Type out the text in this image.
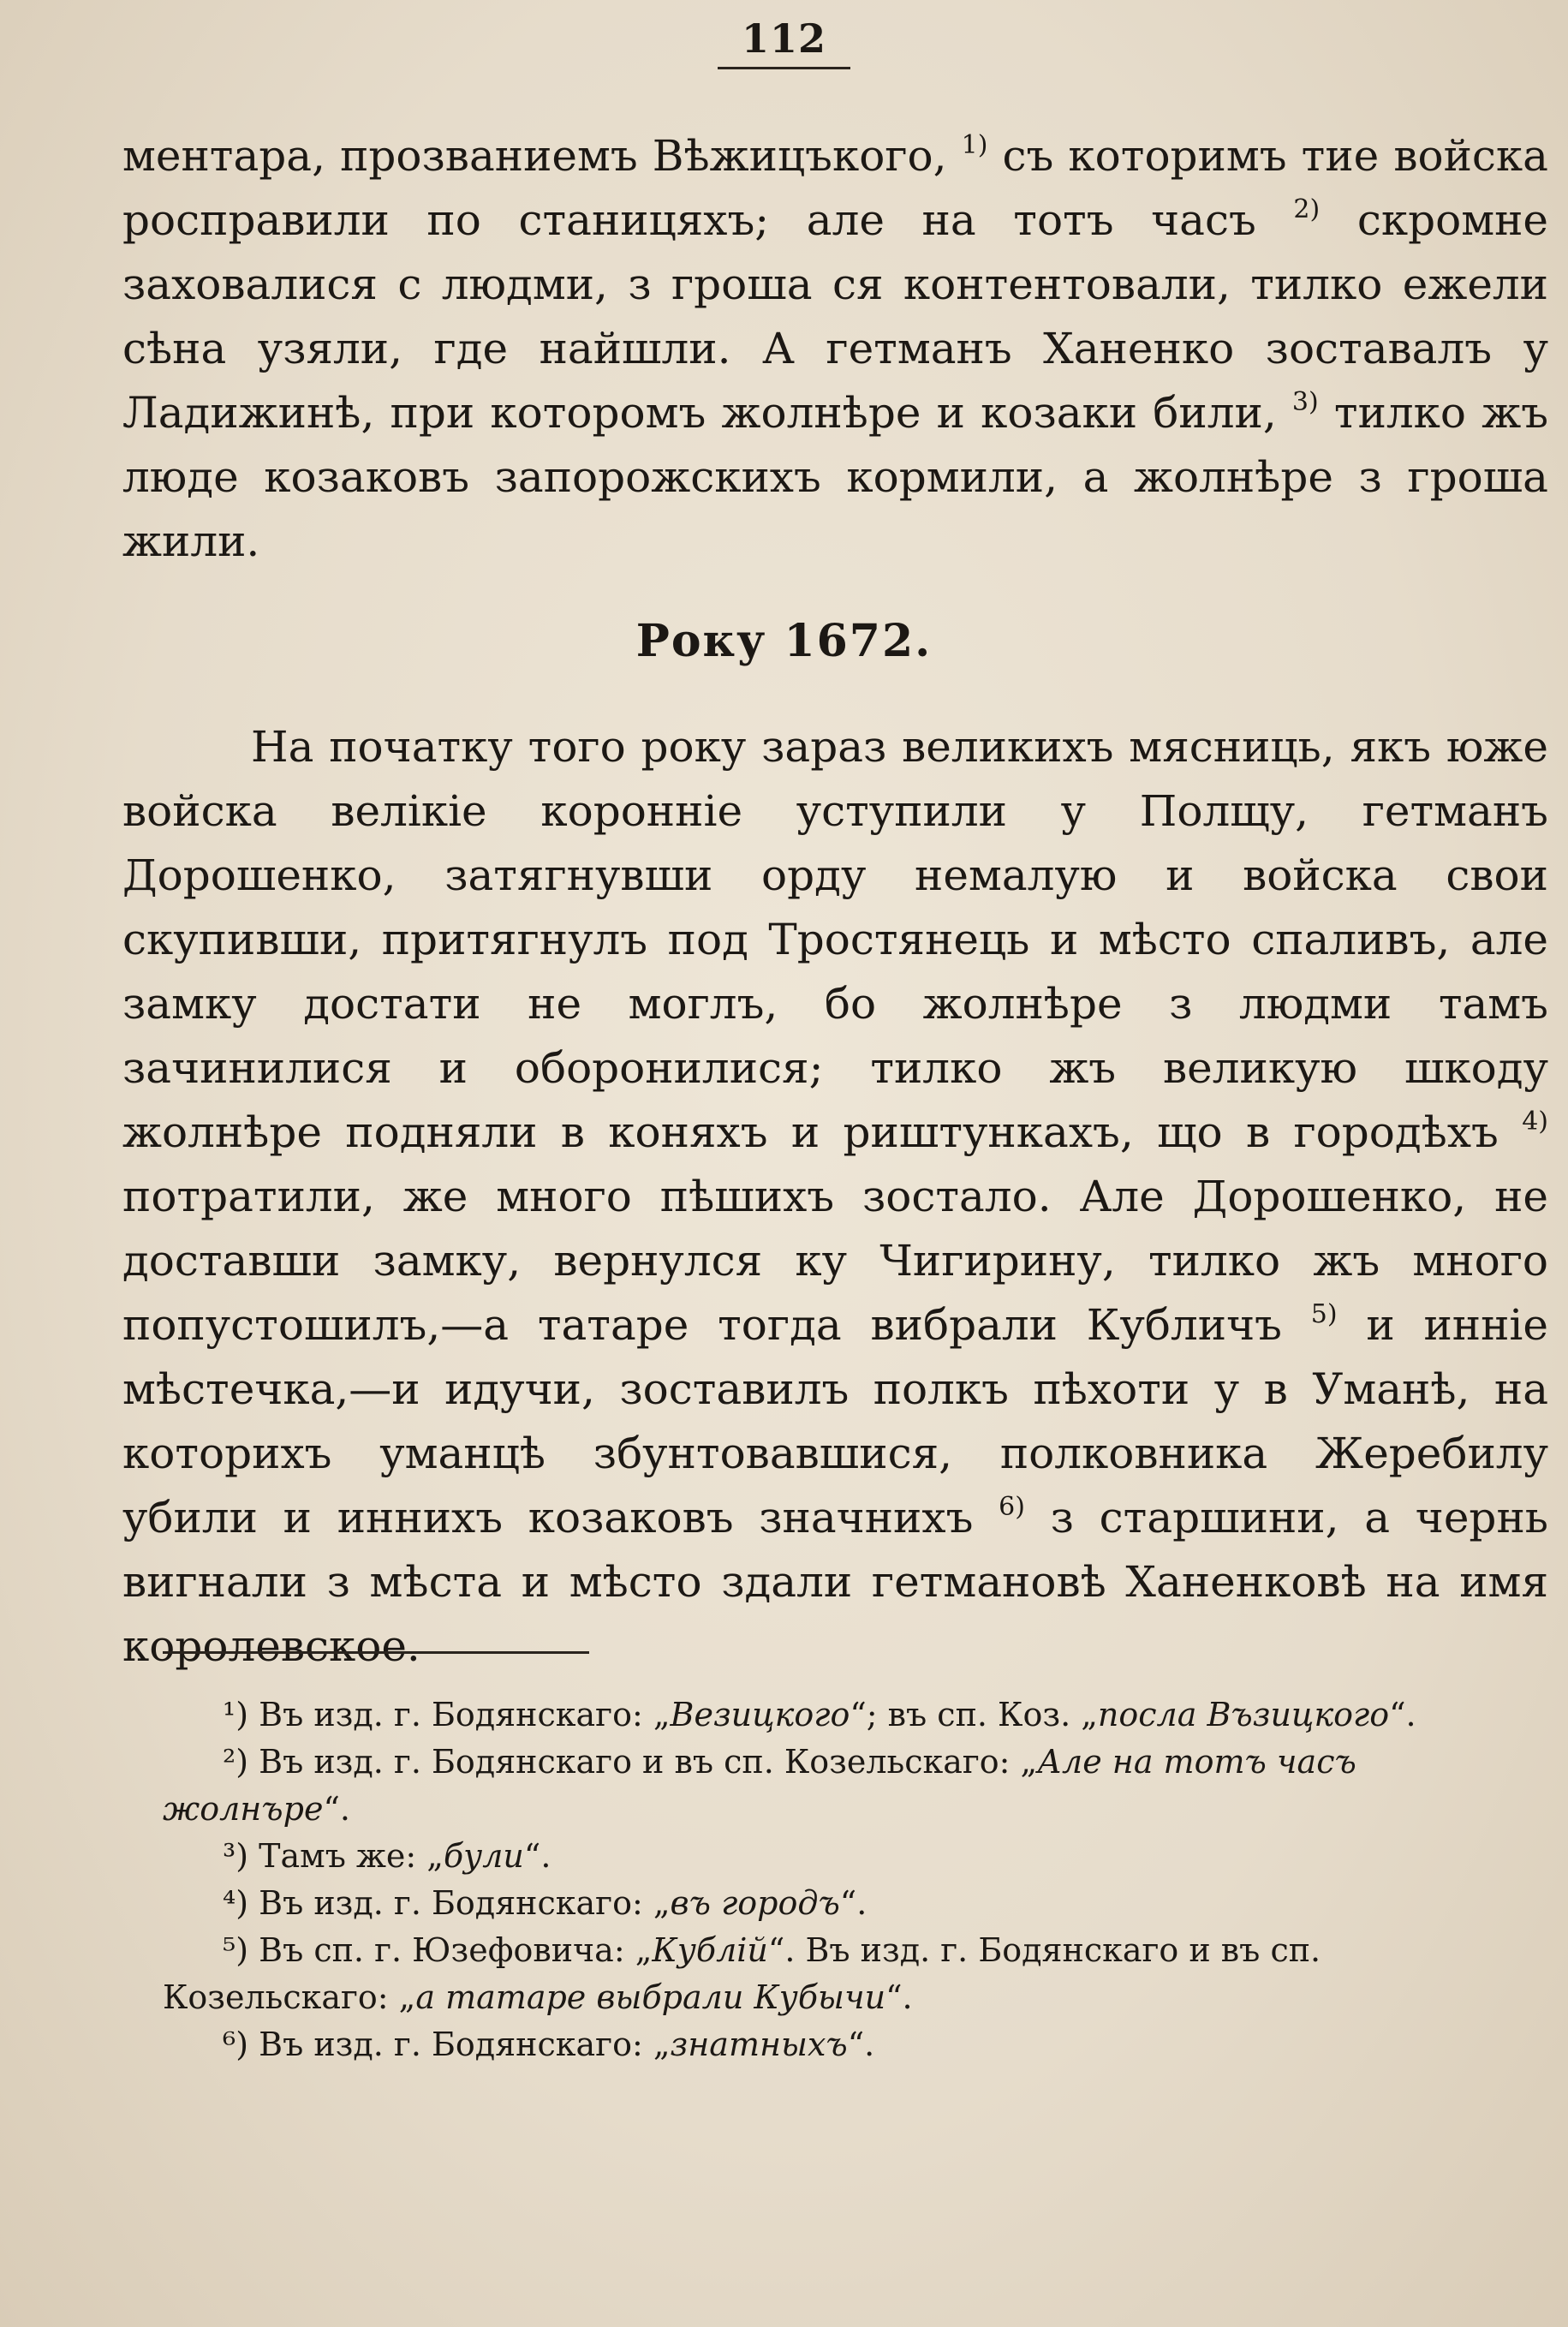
112
ментара, прозваниемъ Вѣжицъкого, $^{1)}$ съ которимъ тие войска росправили по станицяхъ; але на тотъ часъ $^{2)}$ скромне заховалися с людми, з гроша ся контентовали, тилко ежели сѣна узяли, где найшли. А гетманъ Ханенко зоставалъ у Ладижинѣ, при которомъ жолнѣре и козаки били, $^{3)}$ тилко жъ люде козаковъ запорожскихъ кормили, а жолнѣре з гроша жили.
Року 1672.
На початку того року зараз великихъ мясниць, якъ юже войска велікіе короннiе уступили у Полщу, гетманъ Дорошенко, затягнувши орду немалую и войска свои скупивши, притягнулъ под Тростянець и мѣсто спаливъ, але замку достати не моглъ, бо жолнѣре з людми тамъ зачинилися и оборонилися; тилко жъ великую шкоду жолнѣре подняли в коняхъ и риштункахъ, що в городѣхъ $^{4)}$ потратили, же много пѣшихъ зостало. Але Дорошенко, не доставши замку, вернулся ку Чигирину, тилко жъ много попустошилъ,—а татаре тогда вибрали Кубличъ $^{5)}$ и иннiе мѣстечка,—и идучи, зоставилъ полкъ пѣхоти у в Уманѣ, на которихъ уманцѣ збунтовавшися, полковника Жеребилу убили и иннихъ козаковъ значнихъ $^{6)}$ з старшини, а чернь вигнали з мѣста и мѣсто здали гетмановѣ Ханенковѣ на имя королевское.

¹) Въ изд. г. Бодянскаго: „Везицкого“; въ сп. Коз. „посла Възицкого“.

²) Въ изд. г. Бодянскаго и въ сп. Козельскаго: „Але на тотъ часъ жолнъре“.

³) Тамъ же: „були“.

⁴) Въ изд. г. Бодянскаго: „въ городъ“.

⁵) Въ сп. г. Юзефовича: „Кублiй“. Въ изд. г. Бодянскаго и въ сп. Козельскаго: „а татаре выбрали Кубычи“.

⁶) Въ изд. г. Бодянскаго: „знатныхъ“.
